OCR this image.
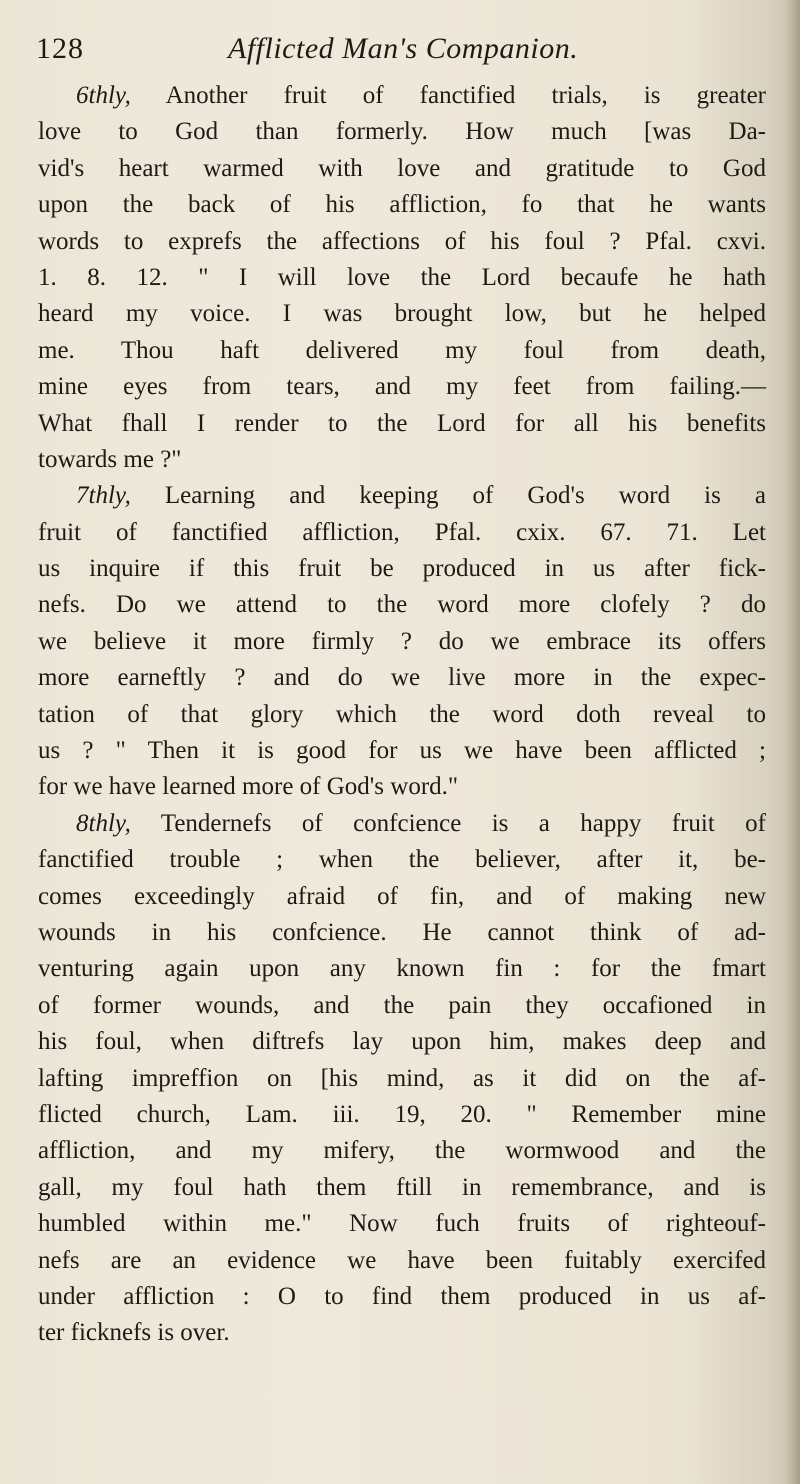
128	Afflicted Man's Companion.
6thly, Another fruit of fanctified trials, is greater
love to God than formerly. How much [was Da-
vid's heart warmed with love and gratitude to God
upon the back of his affliction, fo that he wants
words to exprefs the affections of his foul ? Pfal. cxvi.
1. 8. 12. " I will love the Lord becaufe he hath
heard my voice. I was brought low, but he helped
me. Thou haft delivered my foul from death,
mine eyes from tears, and my feet from failing.—
What fhall I render to the Lord for all his benefits
towards me ?"
7thly, Learning and keeping of God's word is a
fruit of fanctified affliction, Pfal. cxix. 67. 71. Let
us inquire if this fruit be produced in us after fick-
nefs. Do we attend to the word more clofely ? do
we believe it more firmly ? do we embrace its offers
more earneftly ? and do we live more in the expec-
tation of that glory which the word doth reveal to
us ? " Then it is good for us we have been afflicted ;
for we have learned more of God's word."
8thly, Tendernefs of confcience is a happy fruit of
fanctified trouble ; when the believer, after it, be-
comes exceedingly afraid of fin, and of making new
wounds in his confcience. He cannot think of ad-
venturing again upon any known fin : for the fmart
of former wounds, and the pain they occafioned in
his foul, when diftrefs lay upon him, makes deep and
lafting impreffion on [his mind, as it did on the af-
flicted church, Lam. iii. 19, 20. " Remember mine
affliction, and my mifery, the wormwood and the
gall, my foul hath them ftill in remembrance, and is
humbled within me." Now fuch fruits of righteouf-
nefs are an evidence we have been fuitably exercifed
under affliction : O to find them produced in us af-
ter ficknefs is over.
